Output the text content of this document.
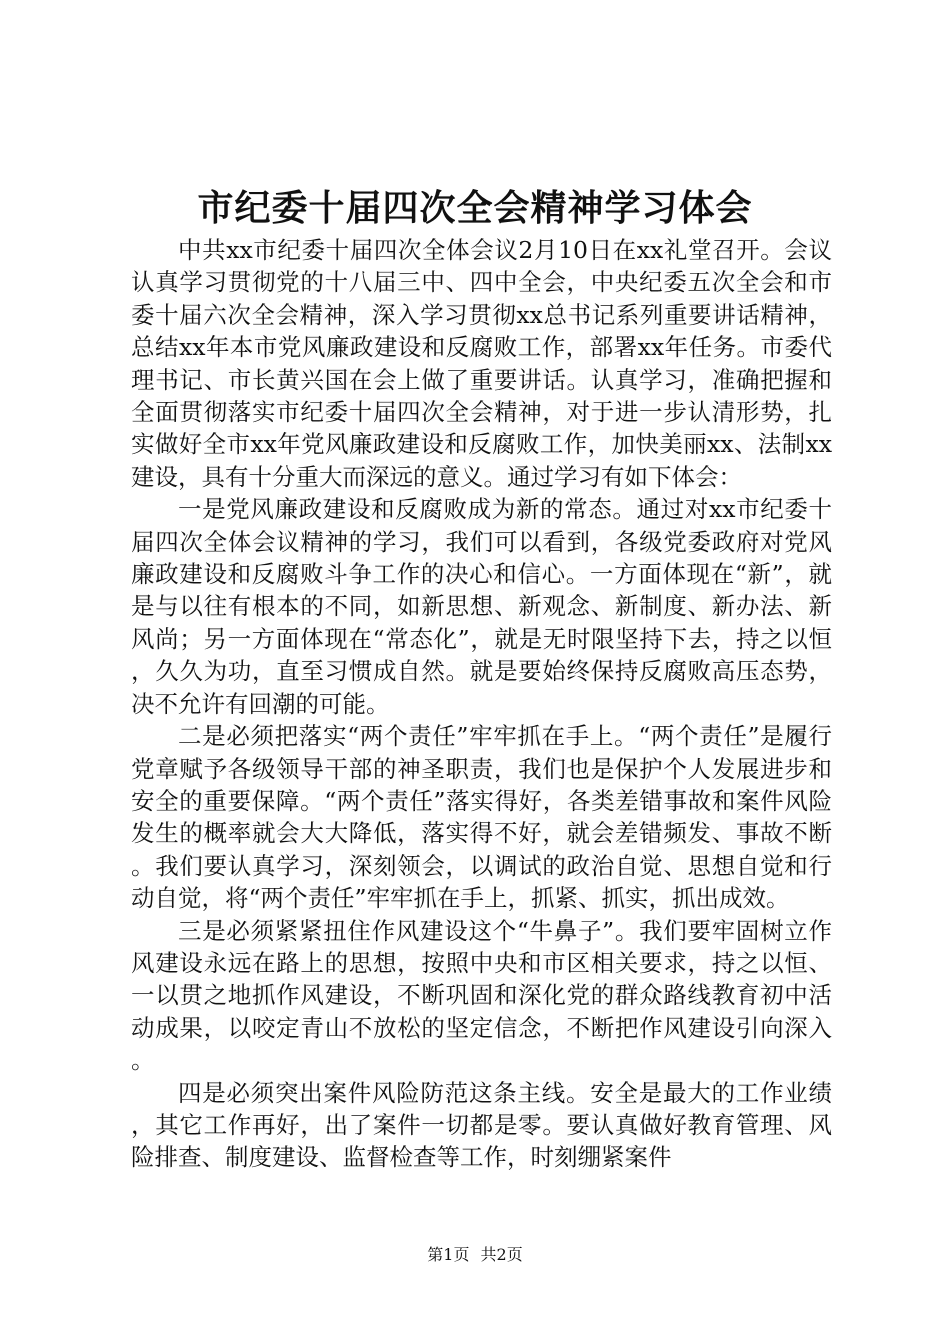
市纪委十届四次全会精神学习体会

中共xx市纪委十届四次全体会议2月10日在xx礼堂召开。会议认真学习贯彻党的十八届三中、四中全会，中央纪委五次全会和市委十届六次全会精神，深入学习贯彻xx总书记系列重要讲话精神，总结xx年本市党风廉政建设和反腐败工作，部署xx年任务。市委代理书记、市长黄兴国在会上做了重要讲话。认真学习，准确把握和全面贯彻落实市纪委十届四次全会精神，对于进一步认清形势，扎实做好全市xx年党风廉政建设和反腐败工作，加快美丽xx、法制xx建设，具有十分重大而深远的意义。通过学习有如下体会：

一是党风廉政建设和反腐败成为新的常态。通过对xx市纪委十届四次全体会议精神的学习，我们可以看到，各级党委政府对党风廉政建设和反腐败斗争工作的决心和信心。一方面体现在“新”，就是与以往有根本的不同，如新思想、新观念、新制度、新办法、新风尚；另一方面体现在“常态化”，就是无时限坚持下去，持之以恒，久久为功，直至习惯成自然。就是要始终保持反腐败高压态势，决不允许有回潮的可能。

二是必须把落实“两个责任”牢牢抓在手上。“两个责任”是履行党章赋予各级领导干部的神圣职责，我们也是保护个人发展进步和安全的重要保障。“两个责任”落实得好，各类差错事故和案件风险发生的概率就会大大降低，落实得不好，就会差错频发、事故不断。我们要认真学习，深刻领会，以调试的政治自觉、思想自觉和行动自觉，将“两个责任”牢牢抓在手上，抓紧、抓实，抓出成效。

三是必须紧紧扭住作风建设这个“牛鼻子”。我们要牢固树立作风建设永远在路上的思想，按照中央和市区相关要求，持之以恒、一以贯之地抓作风建设，不断巩固和深化党的群众路线教育初中活动成果，以咬定青山不放松的坚定信念，不断把作风建设引向深入。

四是必须突出案件风险防范这条主线。安全是最大的工作业绩，其它工作再好，出了案件一切都是零。要认真做好教育管理、风险排查、制度建设、监督检查等工作，时刻绷紧案件

第1页 共2页
